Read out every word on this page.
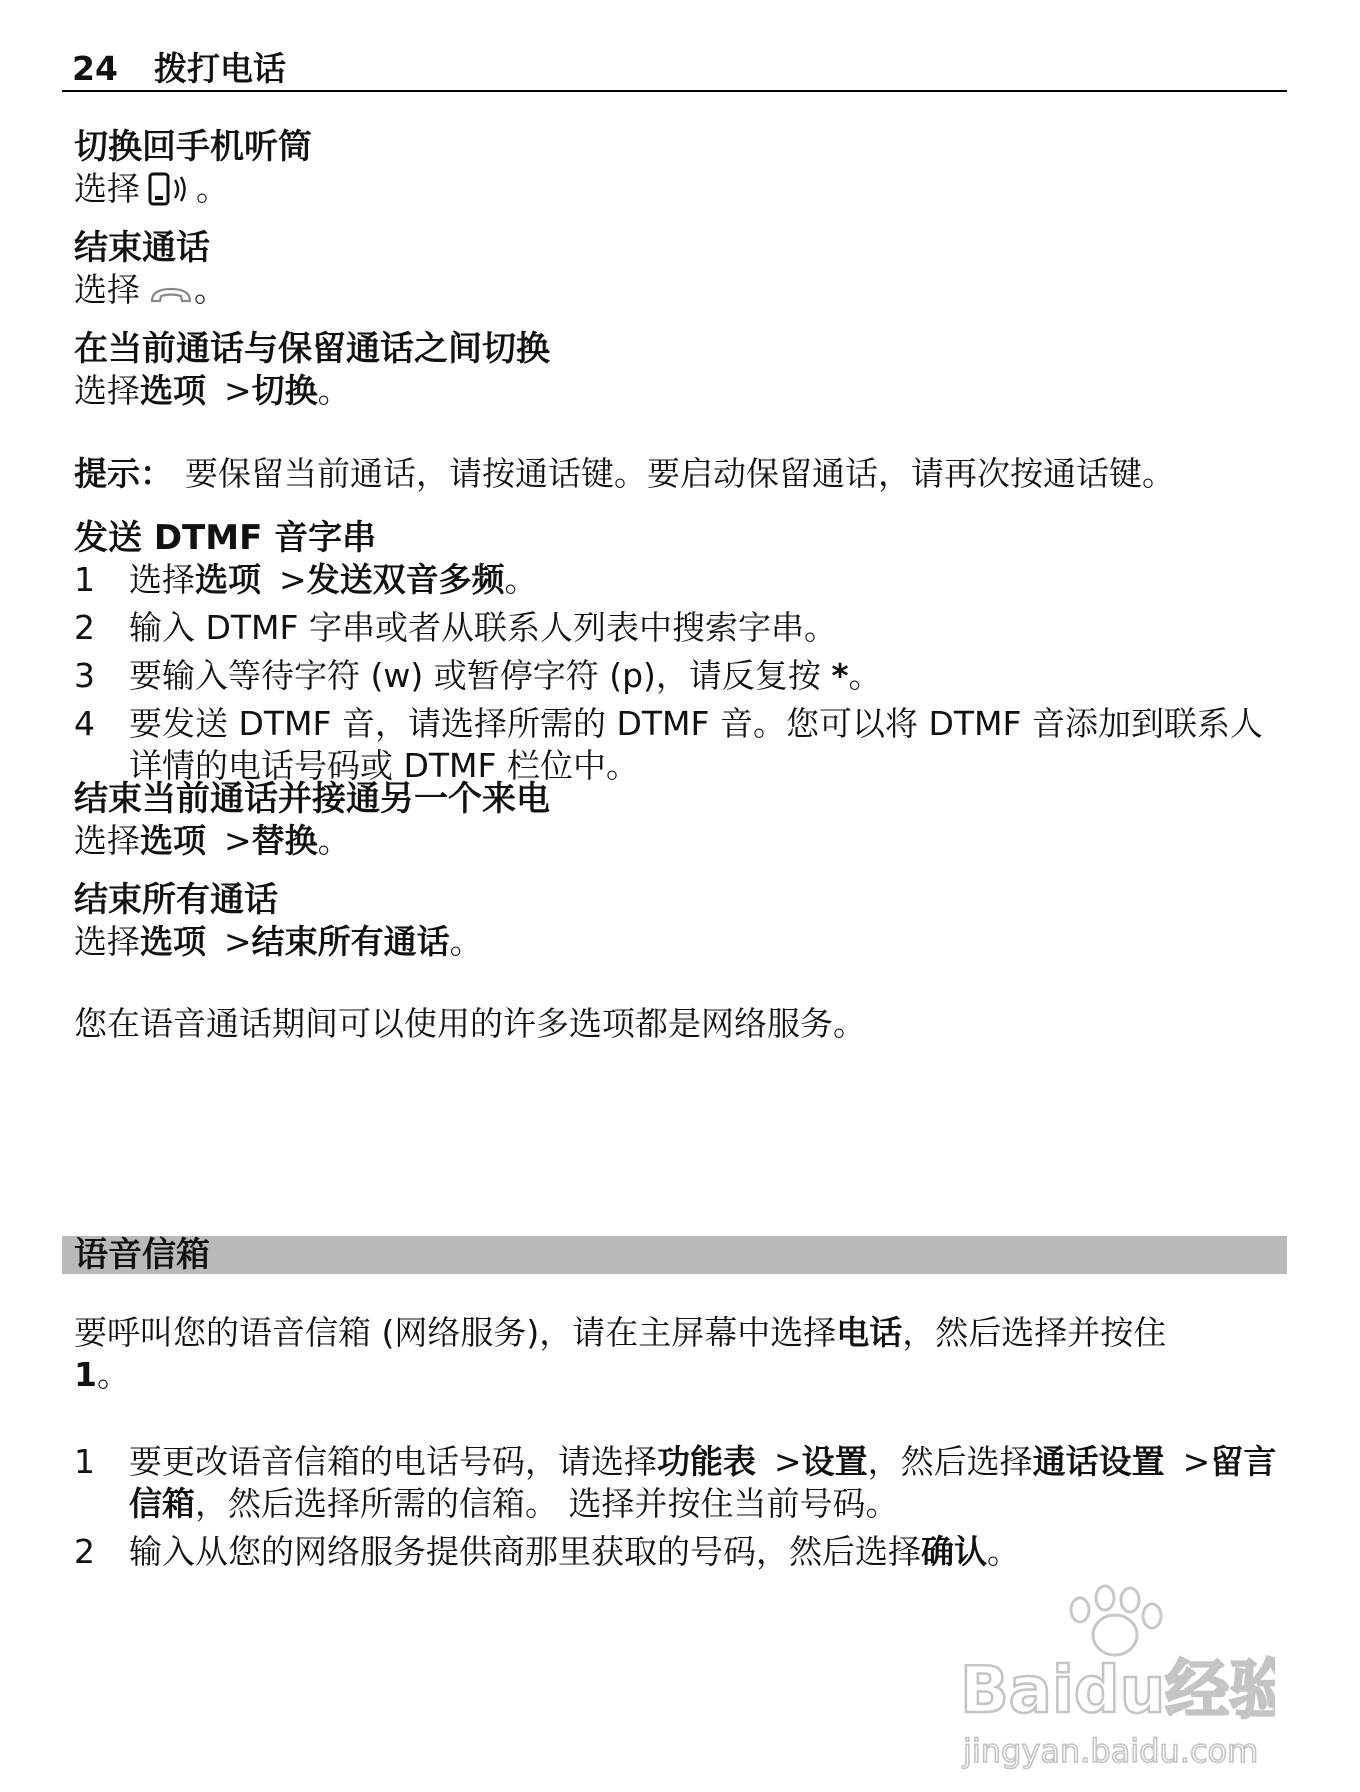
24 拨打电话

切换回手机听筒

选择 。

结束通话

选择 。

在当前通话与保留通话之间切换

选择选项 >切换。

提示： 要保留当前通话，请按通话键。要启动保留通话，请再次按通话键。

发送 DTMF 音字串

1 选择选项 >发送双音多频。
2 输入 DTMF 字串或者从联系人列表中搜索字串。
3 要输入等待字符 (w) 或暂停字符 (p)，请反复按 *。
4 要发送 DTMF 音，请选择所需的 DTMF 音。您可以将 DTMF 音添加到联系人详情的电话号码或 DTMF 栏位中。

结束当前通话并接通另一个来电

选择选项 >替换。

结束所有通话

选择选项 >结束所有通话。

您在语音通话期间可以使用的许多选项都是网络服务。

语音信箱

要呼叫您的语音信箱 (网络服务)，请在主屏幕中选择电话，然后选择并按住
1。

1 要更改语音信箱的电话号码，请选择功能表 >设置，然后选择通话设置 >留言信箱，然后选择所需的信箱。 选择并按住当前号码。
2 输入从您的网络服务提供商那里获取的号码，然后选择确认。
Baidu经验
jingyan.baidu.com
